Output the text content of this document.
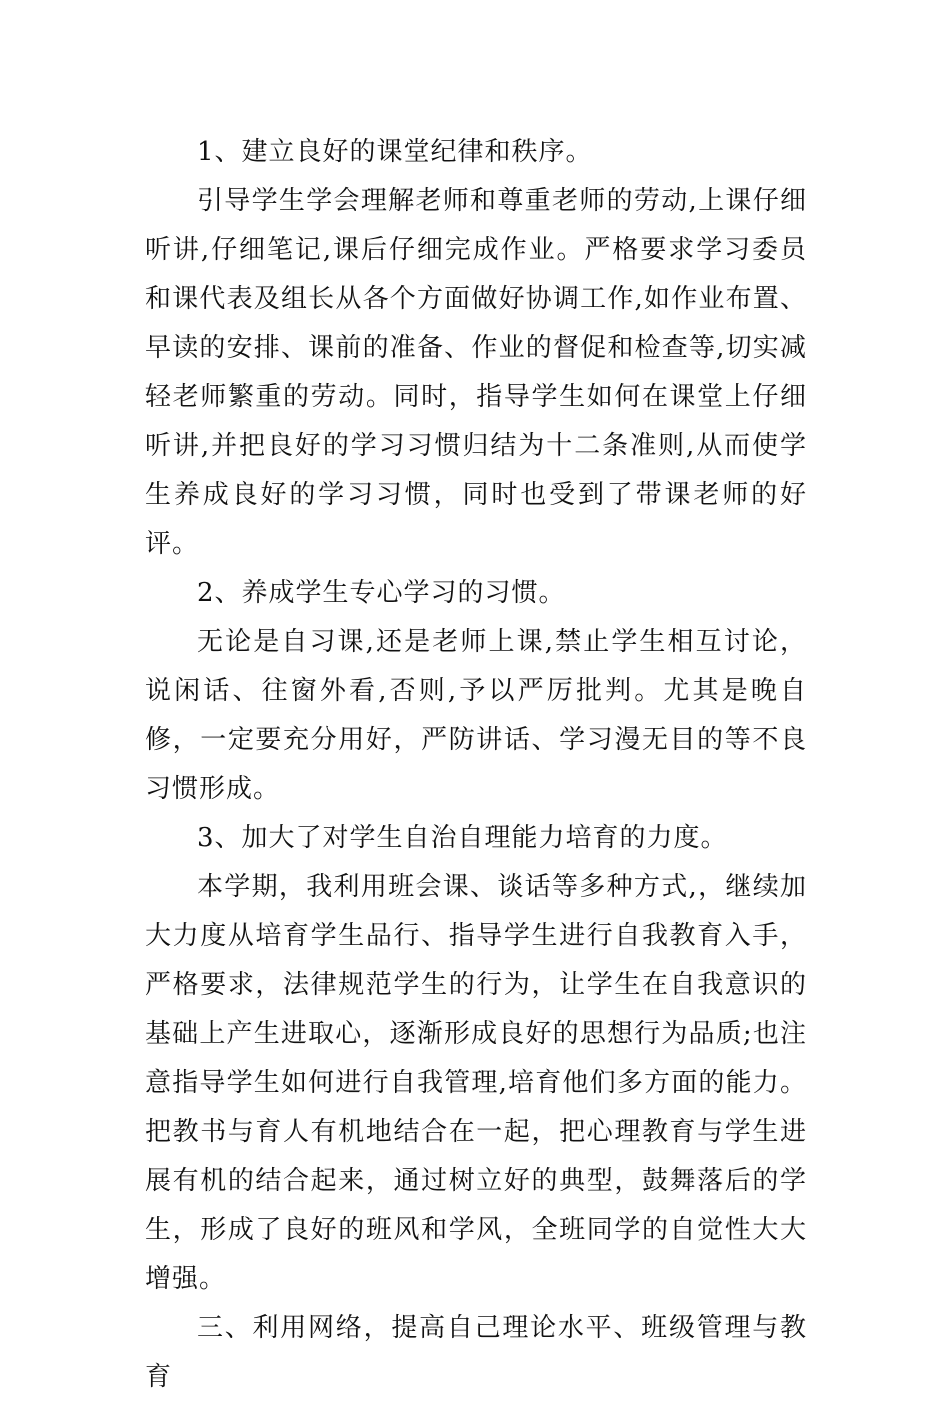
1、建立良好的课堂纪律和秩序。

引导学生学会理解老师和尊重老师的劳动,上课仔细听讲,仔细笔记,课后仔细完成作业。严格要求学习委员和课代表及组长从各个方面做好协调工作,如作业布置、早读的安排、课前的准备、作业的督促和检查等,切实减轻老师繁重的劳动。同时，指导学生如何在课堂上仔细听讲,并把良好的学习习惯归结为十二条准则,从而使学生养成良好的学习习惯，同时也受到了带课老师的好评。

2、养成学生专心学习的习惯。

无论是自习课,还是老师上课,禁止学生相互讨论，说闲话、往窗外看,否则,予以严厉批判。尤其是晚自修，一定要充分用好，严防讲话、学习漫无目的等不良习惯形成。

3、加大了对学生自治自理能力培育的力度。

本学期，我利用班会课、谈话等多种方式,，继续加大力度从培育学生品行、指导学生进行自我教育入手，严格要求，法律规范学生的行为，让学生在自我意识的基础上产生进取心，逐渐形成良好的思想行为品质;也注意指导学生如何进行自我管理,培育他们多方面的能力。 把教书与育人有机地结合在一起，把心理教育与学生进展有机的结合起来，通过树立好的典型，鼓舞落后的学生，形成了良好的班风和学风，全班同学的自觉性大大增强。

三、利用网络，提高自己理论水平、班级管理与教育
